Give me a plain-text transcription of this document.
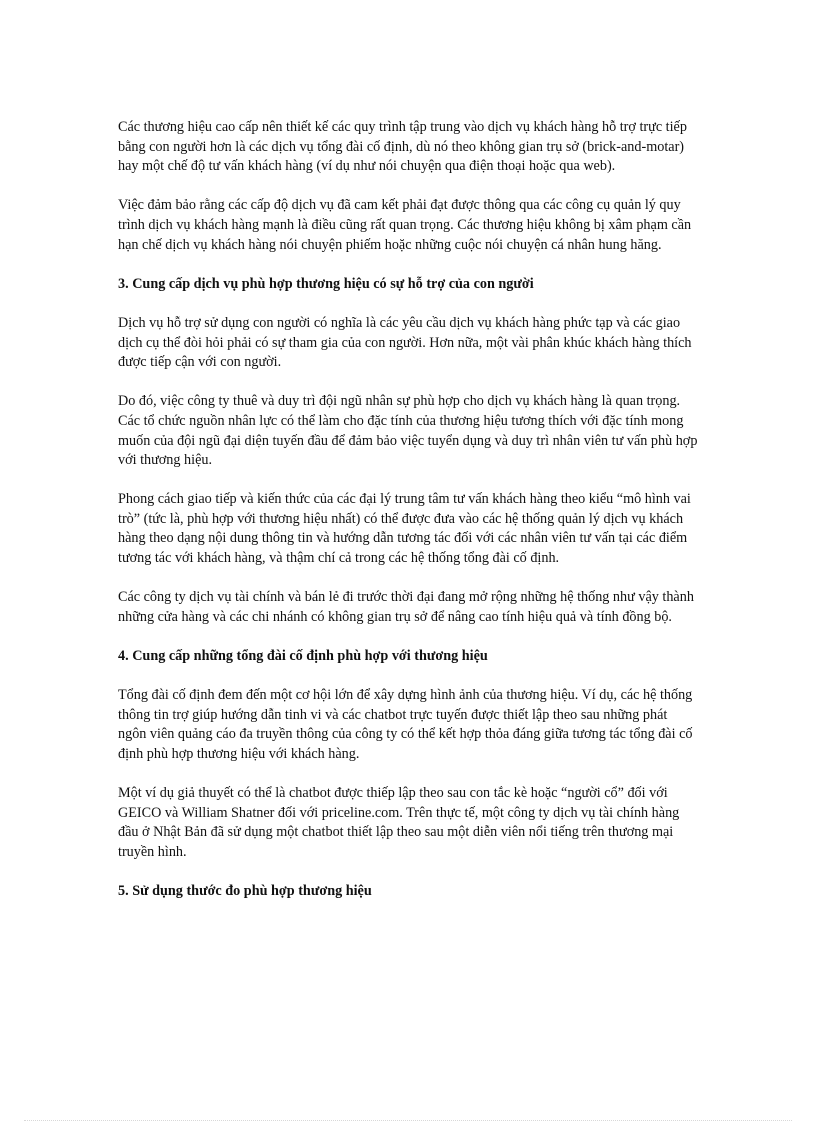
Các thương hiệu cao cấp nên thiết kế các quy trình tập trung vào dịch vụ khách hàng hỗ trợ trực tiếp bằng con người hơn là các dịch vụ tổng đài cố định, dù nó theo không gian trụ sở (brick-and-motar) hay một chế độ tư vấn khách hàng (ví dụ như nói chuyện qua điện thoại hoặc qua web).

Việc đảm bảo rằng các cấp độ dịch vụ đã cam kết phải đạt được thông qua các công cụ quản lý quy trình dịch vụ khách hàng mạnh là điều cũng rất quan trọng. Các thương hiệu không bị xâm phạm cần hạn chế dịch vụ khách hàng nói chuyện phiếm hoặc những cuộc nói chuyện cá nhân hung hăng.

3. Cung cấp dịch vụ phù hợp thương hiệu có sự hỗ trợ của con người

Dịch vụ hỗ trợ sử dụng con người có nghĩa là các yêu cầu dịch vụ khách hàng phức tạp và các giao dịch cụ thể đòi hỏi phải có sự tham gia của con người. Hơn nữa, một vài phân khúc khách hàng thích được tiếp cận với con người.

Do đó, việc công ty thuê và duy trì đội ngũ nhân sự phù hợp cho dịch vụ khách hàng là quan trọng. Các tổ chức nguồn nhân lực có thể làm cho đặc tính của thương hiệu tương thích với đặc tính mong muốn của đội ngũ đại diện tuyến đầu để đảm bảo việc tuyển dụng và duy trì nhân viên tư vấn phù hợp với thương hiệu.

Phong cách giao tiếp và kiến thức của các đại lý trung tâm tư vấn khách hàng theo kiểu “mô hình vai trò” (tức là, phù hợp với thương hiệu nhất) có thể được đưa vào các hệ thống quản lý dịch vụ khách hàng theo dạng nội dung thông tin và hướng dẫn tương tác đối với các nhân viên tư vấn tại các điểm tương tác với khách hàng, và thậm chí cả trong các hệ thống tổng đài cố định.

Các công ty dịch vụ tài chính và bán lẻ đi trước thời đại đang mở rộng những hệ thống như vậy thành những cửa hàng và các chi nhánh có không gian trụ sở để nâng cao tính hiệu quả và tính đồng bộ.

4. Cung cấp những tổng đài cố định phù hợp với thương hiệu

Tổng đài cố định đem đến một cơ hội lớn để xây dựng hình ảnh của thương hiệu. Ví dụ, các hệ thống thông tin trợ giúp hướng dẫn tinh vi và các chatbot trực tuyến được thiết lập theo sau những phát ngôn viên quảng cáo đa truyền thông của công ty có thể kết hợp thỏa đáng giữa tương tác tổng đài cố định phù hợp thương hiệu với khách hàng.

Một ví dụ giả thuyết có thể là chatbot được thiếp lập theo sau con tắc kè hoặc “người cổ” đối với GEICO và William Shatner đối với priceline.com. Trên thực tế, một công ty dịch vụ tài chính hàng đầu ở Nhật Bản đã sử dụng một chatbot thiết lập theo sau một diễn viên nổi tiếng trên thương mại truyền hình.

5. Sử dụng thước đo phù hợp thương hiệu
